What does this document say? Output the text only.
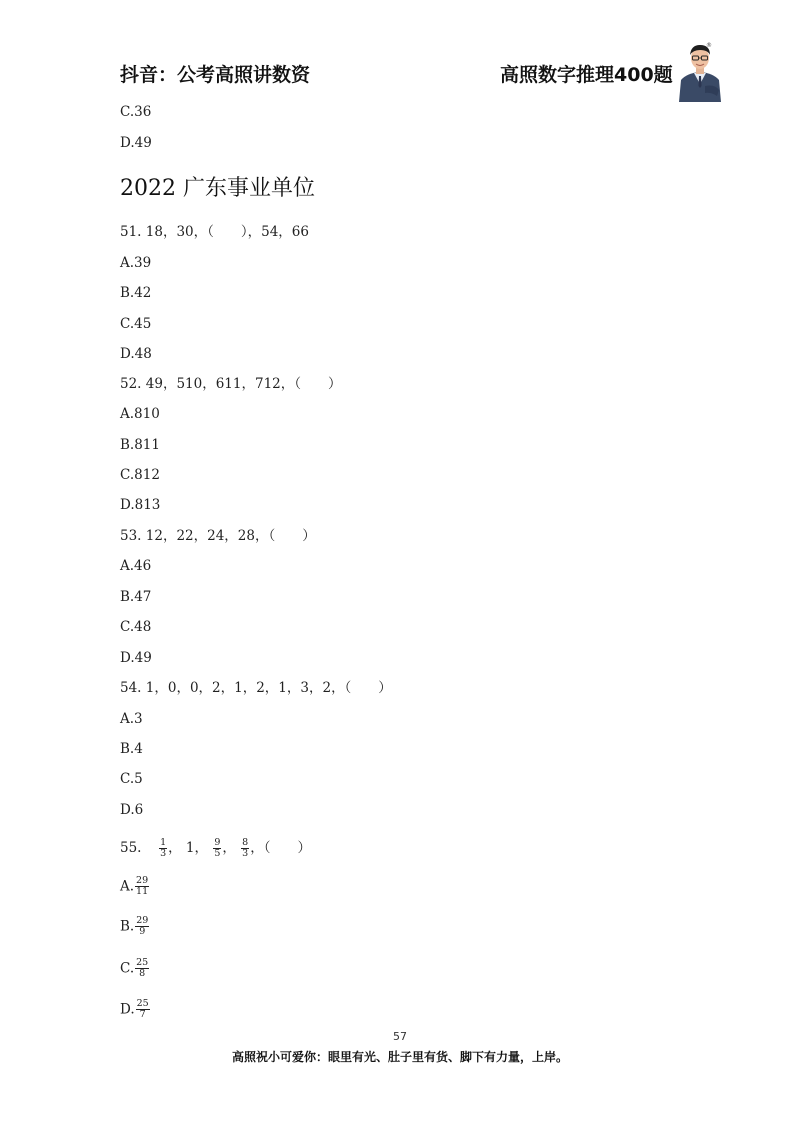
抖音：公考高照讲数资	高照数字推理400题
®
C.36
D.49
2022 广东事业单位
51. 18，30，（　　），54，66
A.39
B.42
C.45
D.48
52. 49，510，611，712，（　　）
A.810
B.811
C.812
D.813
53. 12，22，24，28，（　　）
A.46
B.47
C.48
D.49
54. 1，0，0，2，1，2，1，3，2，（　　）
A.3
B.4
C.5
D.6
55. $\frac{1}{3}$ ， 1， $\frac{9}{5}$ ， $\frac{8}{3}$ ，（　　）
A. $\frac{29}{11}$
B. $\frac{29}{9}$
C. $\frac{25}{8}$
D. $\frac{25}{7}$
57
高照祝小可爱你：眼里有光、肚子里有货、脚下有力量，上岸。
